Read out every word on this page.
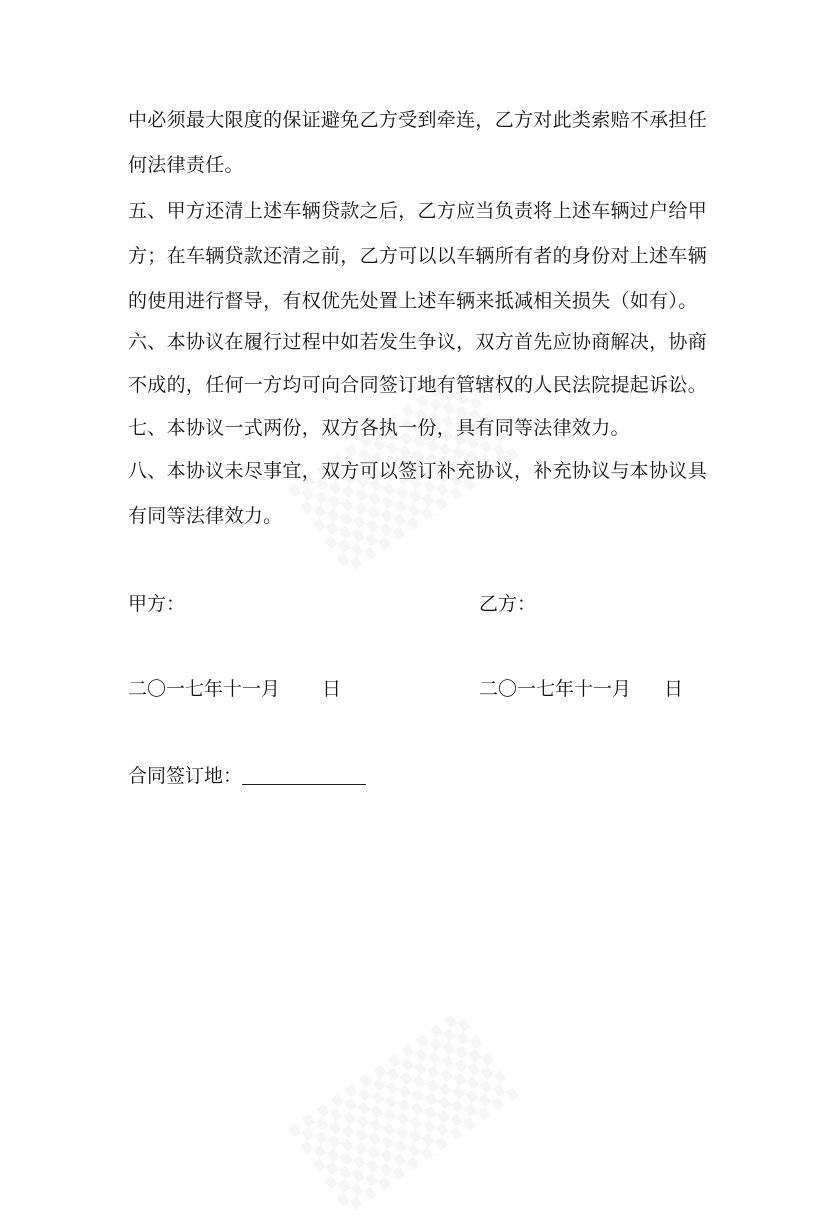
中必须最大限度的保证避免乙方受到牵连，乙方对此类索赔不承担任
何法律责任。
五、甲方还清上述车辆贷款之后，乙方应当负责将上述车辆过户给甲
方；在车辆贷款还清之前，乙方可以以车辆所有者的身份对上述车辆
的使用进行督导，有权优先处置上述车辆来抵减相关损失（如有）。
六、本协议在履行过程中如若发生争议，双方首先应协商解决，协商
不成的，任何一方均可向合同签订地有管辖权的人民法院提起诉讼。
七、本协议一式两份，双方各执一份，具有同等法律效力。
八、本协议未尽事宜，双方可以签订补充协议，补充协议与本协议具
有同等法律效力。
甲方：	乙方：
二〇一七年十一月 日	二〇一七年十一月 日
合同签订地：
